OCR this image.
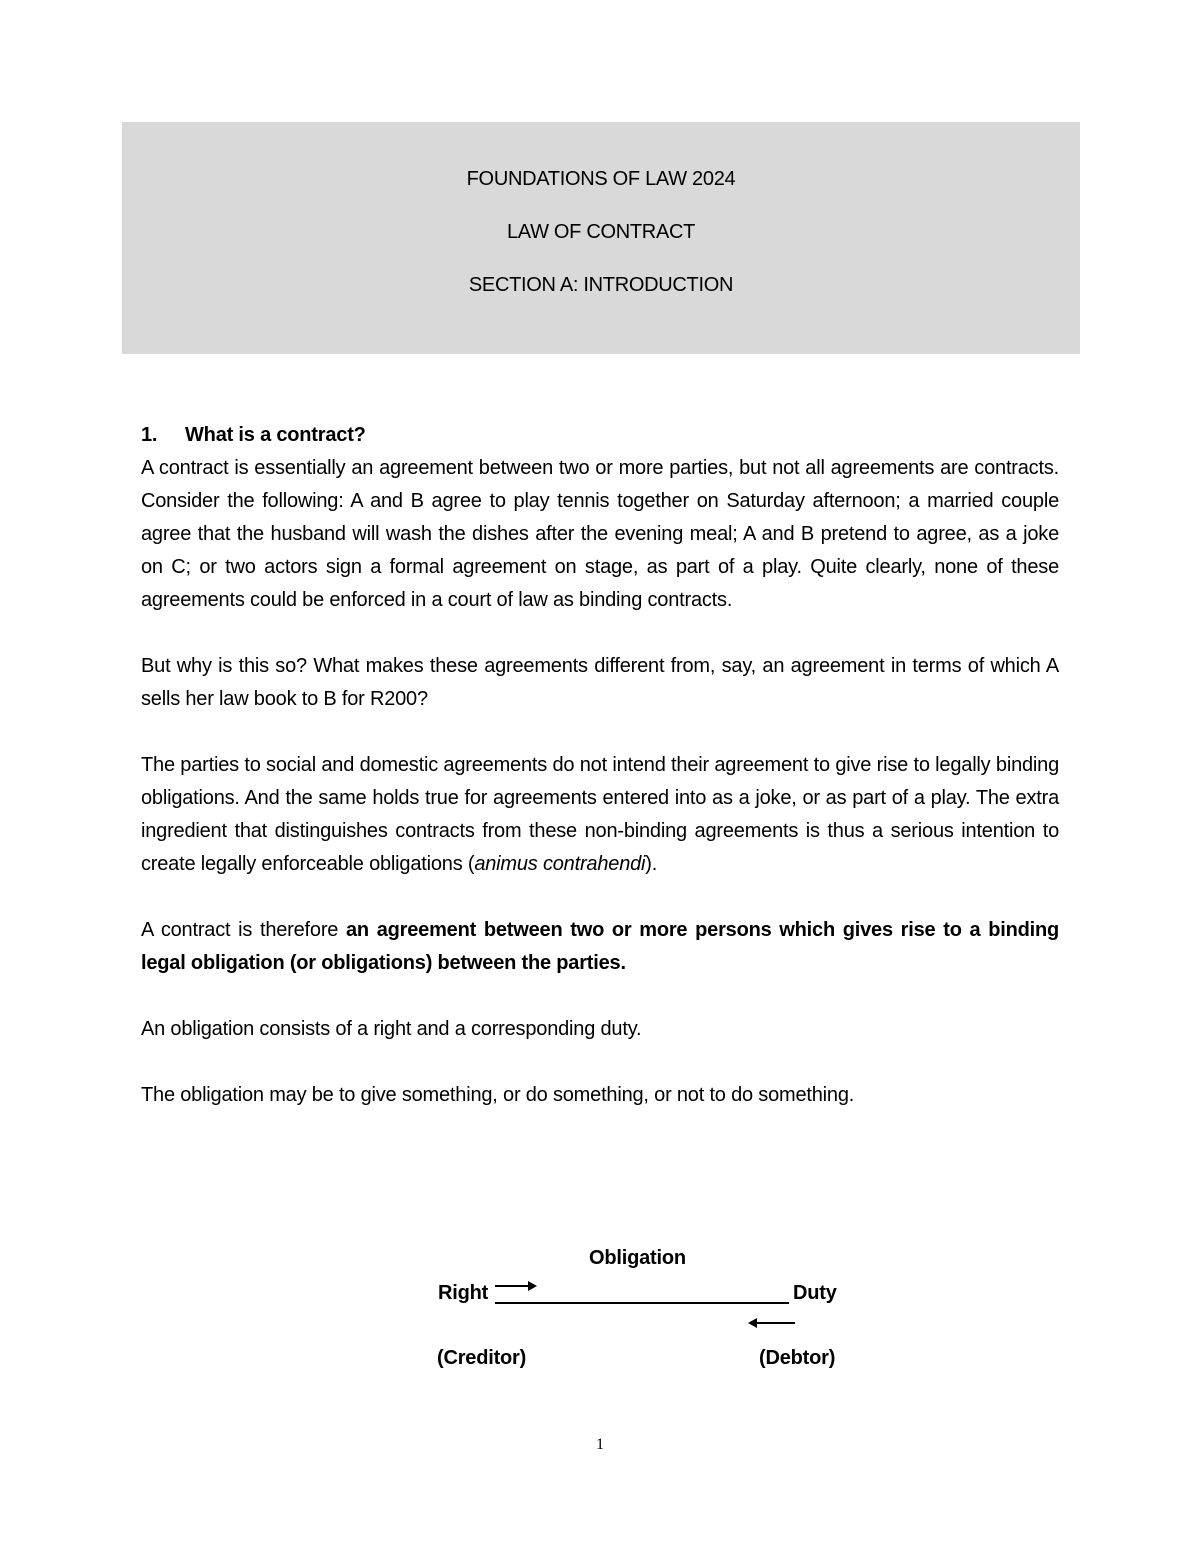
FOUNDATIONS OF LAW 2024
LAW OF CONTRACT
SECTION A: INTRODUCTION
1.	What is a contract?

A contract is essentially an agreement between two or more parties, but not all agreements are contracts. Consider the following: A and B agree to play tennis together on Saturday afternoon; a married couple agree that the husband will wash the dishes after the evening meal; A and B pretend to agree, as a joke on C; or two actors sign a formal agreement on stage, as part of a play. Quite clearly, none of these agreements could be enforced in a court of law as binding contracts.

But why is this so? What makes these agreements different from, say, an agreement in terms of which A sells her law book to B for R200?

The parties to social and domestic agreements do not intend their agreement to give rise to legally binding obligations. And the same holds true for agreements entered into as a joke, or as part of a play. The extra ingredient that distinguishes contracts from these non-binding agreements is thus a serious intention to create legally enforceable obligations (animus contrahendi).

A contract is therefore an agreement between two or more persons which gives rise to a binding legal obligation (or obligations) between the parties.

An obligation consists of a right and a corresponding duty.

The obligation may be to give something, or do something, or not to do something.

Obligation
Right	Duty
(Creditor)	(Debtor)
1
